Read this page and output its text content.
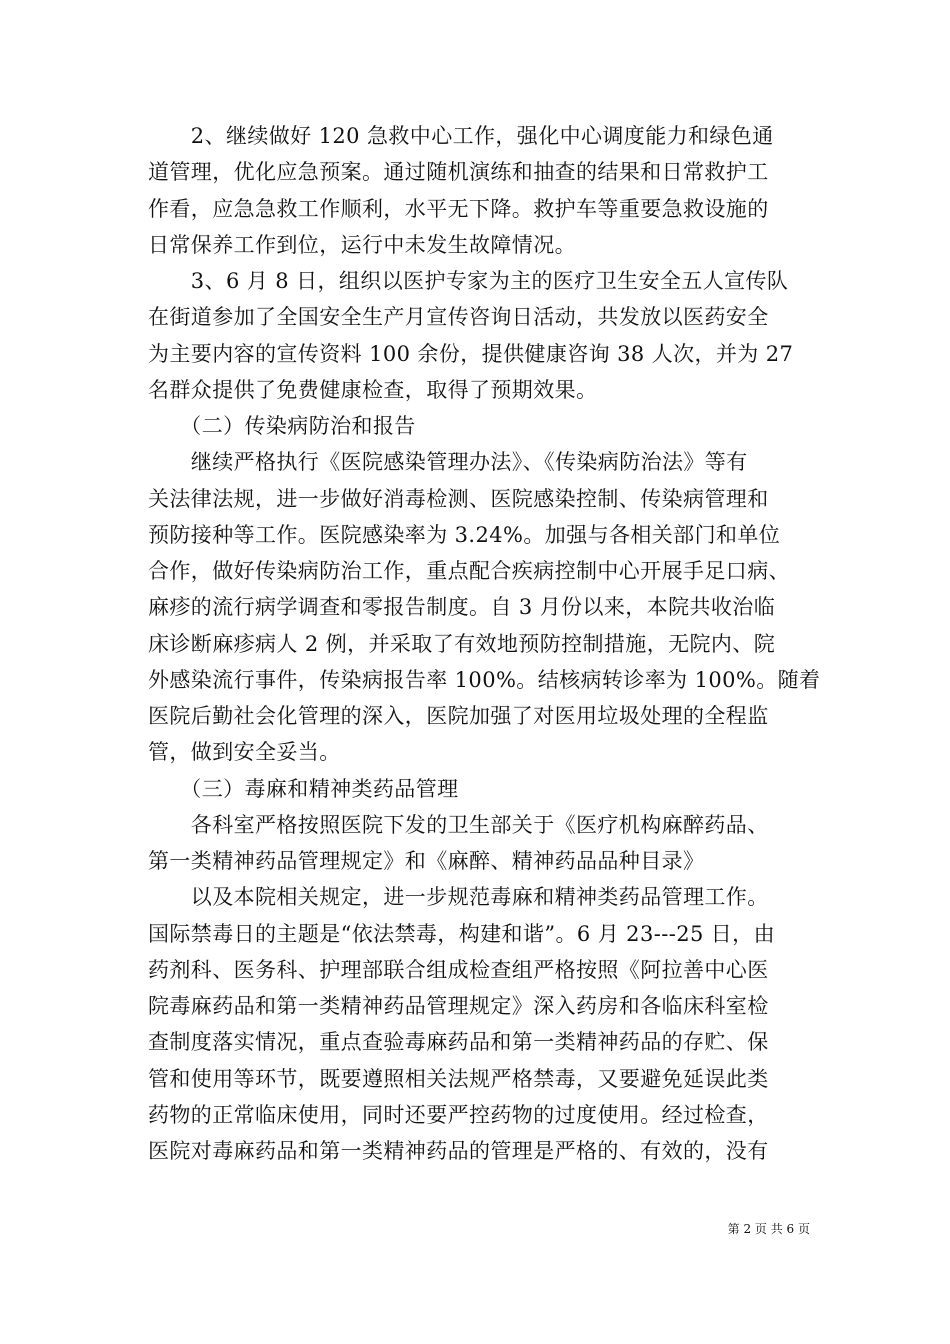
　　2、继续做好 120 急救中心工作，强化中心调度能力和绿色通
道管理，优化应急预案。通过随机演练和抽查的结果和日常救护工
作看，应急急救工作顺利，水平无下降。救护车等重要急救设施的
日常保养工作到位，运行中未发生故障情况。
　　3、6 月 8 日，组织以医护专家为主的医疗卫生安全五人宣传队
在街道参加了全国安全生产月宣传咨询日活动，共发放以医药安全
为主要内容的宣传资料 100 余份，提供健康咨询 38 人次，并为 27
名群众提供了免费健康检查，取得了预期效果。
　　（二）传染病防治和报告
　　继续严格执行《医院感染管理办法》、《传染病防治法》等有
关法律法规，进一步做好消毒检测、医院感染控制、传染病管理和
预防接种等工作。医院感染率为 3.24%。加强与各相关部门和单位
合作，做好传染病防治工作，重点配合疾病控制中心开展手足口病、
麻疹的流行病学调查和零报告制度。自 3 月份以来，本院共收治临
床诊断麻疹病人 2 例，并采取了有效地预防控制措施，无院内、院
外感染流行事件，传染病报告率 100%。结核病转诊率为 100%。随着
医院后勤社会化管理的深入，医院加强了对医用垃圾处理的全程监
管，做到安全妥当。
　　（三）毒麻和精神类药品管理
　　各科室严格按照医院下发的卫生部关于《医疗机构麻醉药品、
第一类精神药品管理规定》和《麻醉、精神药品品种目录》
　　以及本院相关规定，进一步规范毒麻和精神类药品管理工作。
国际禁毒日的主题是“依法禁毒，构建和谐”。6 月 23---25 日，由
药剂科、医务科、护理部联合组成检查组严格按照《阿拉善中心医
院毒麻药品和第一类精神药品管理规定》深入药房和各临床科室检
查制度落实情况，重点查验毒麻药品和第一类精神药品的存贮、保
管和使用等环节，既要遵照相关法规严格禁毒，又要避免延误此类
药物的正常临床使用，同时还要严控药物的过度使用。经过检查，
医院对毒麻药品和第一类精神药品的管理是严格的、有效的，没有
第 2 页 共 6 页
